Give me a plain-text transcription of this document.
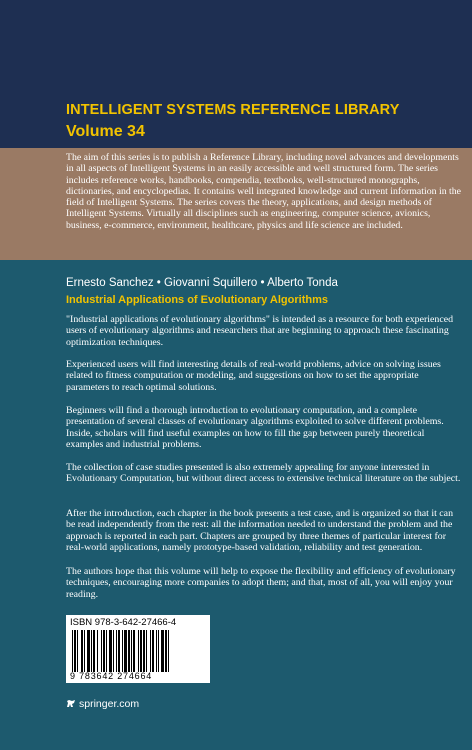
INTELLIGENT SYSTEMS REFERENCE LIBRARY
Volume 34

The aim of this series is to publish a Reference Library, including novel advances and developments in all aspects of Intelligent Systems in an easily accessible and well structured form. The series includes reference works, handbooks, compendia, textbooks, well-structured monographs, dictionaries, and encyclopedias. It contains well integrated knowledge and current information in the field of Intelligent Systems. The series covers the theory, applications, and design methods of Intelligent Systems. Virtually all disciplines such as engineering, computer science, avionics, business, e-commerce, environment, healthcare, physics and life science are included.

Ernesto Sanchez • Giovanni Squillero • Alberto Tonda
Industrial Applications of Evolutionary Algorithms

"Industrial applications of evolutionary algorithms" is intended as a resource for both experienced users of evolutionary algorithms and researchers that are beginning to approach these fascinating optimization techniques.

Experienced users will find interesting details of real-world problems, advice on solving issues related to fitness computation or modeling, and suggestions on how to set the appropriate parameters to reach optimal solutions.

Beginners will find a thorough introduction to evolutionary computation, and a complete presentation of several classes of evolutionary algorithms exploited to solve different problems. Inside, scholars will find useful examples on how to fill the gap between purely theoretical examples and industrial problems.

The collection of case studies presented is also extremely appealing for anyone interested in Evolutionary Computation, but without direct access to extensive technical literature on the subject.

After the introduction, each chapter in the book presents a test case, and is organized so that it can be read independently from the rest: all the information needed to understand the problem and the approach is reported in each part. Chapters are grouped by three themes of particular interest for real-world applications, namely prototype-based validation, reliability and test generation.

The authors hope that this volume will help to expose the flexibility and efficiency of evolutionary techniques, encouraging more companies to adopt them; and that, most of all, you will enjoy your reading.

ISBN 978-3-642-27466-4
9 783642 274664
springer.com
